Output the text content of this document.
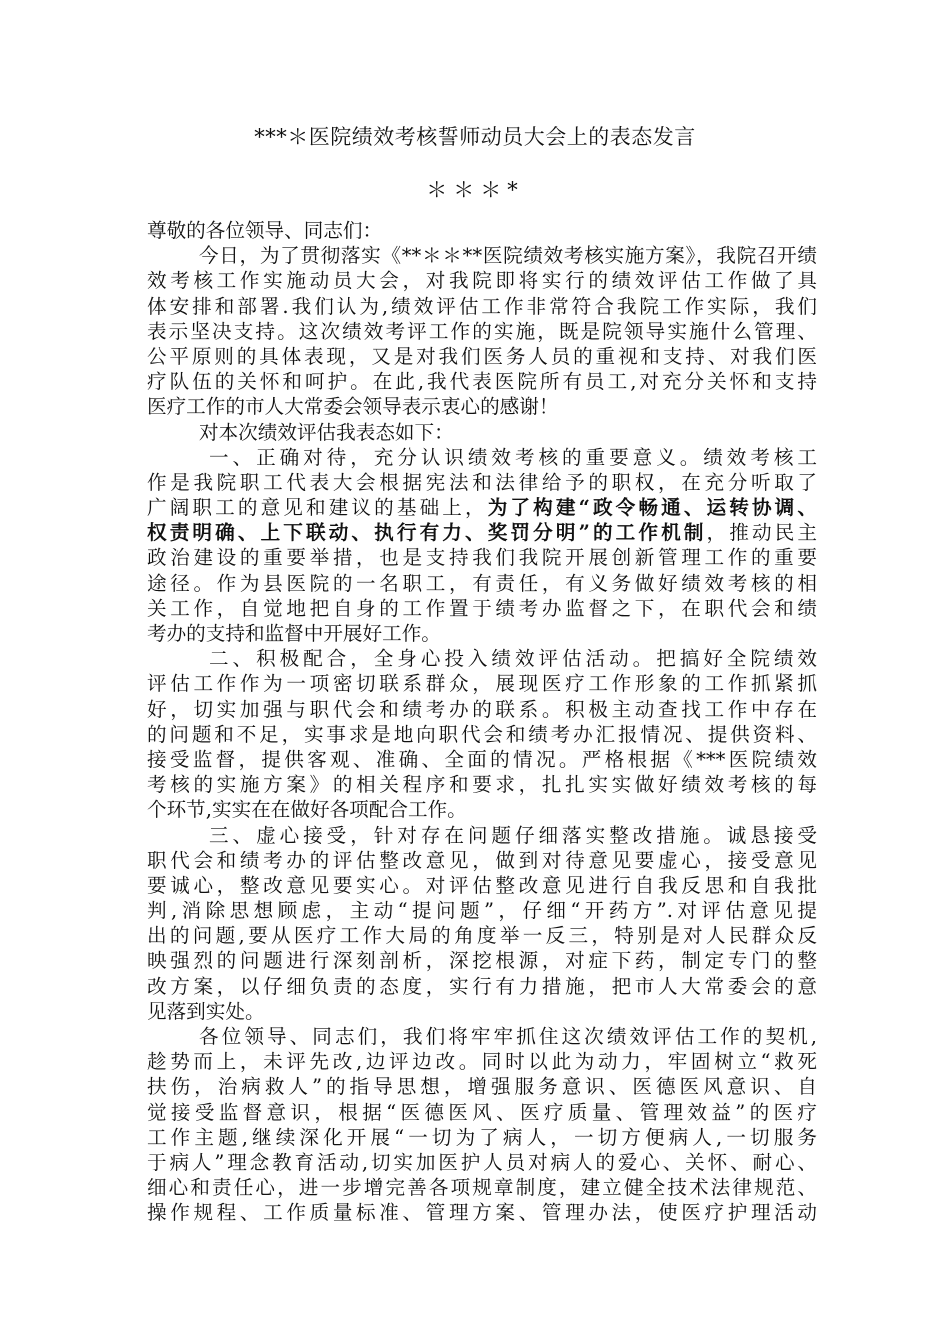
***＊医院绩效考核誓师动员大会上的表态发言
＊＊＊*
尊敬的各位领导、同志们：
今日，为了贯彻落实《**＊＊**医院绩效考核实施方案》，我院召开绩
效考核工作实施动员大会，对我院即将实行的绩效评估工作做了具
体安排和部署.我们认为,绩效评估工作非常符合我院工作实际，我们
表示坚决支持。这次绩效考评工作的实施，既是院领导实施什么管理、
公平原则的具体表现，又是对我们医务人员的重视和支持、对我们医
疗队伍的关怀和呵护。在此,我代表医院所有员工,对充分关怀和支持
医疗工作的市人大常委会领导表示衷心的感谢！
对本次绩效评估我表态如下：
一、正确对待，充分认识绩效考核的重要意义。绩效考核工
作是我院职工代表大会根据宪法和法律给予的职权，在充分听取了
广阔职工的意见和建议的基础上，为了构建“政令畅通、运转协调、
权责明确、上下联动、执行有力、奖罚分明”的工作机制，推动民主
政治建设的重要举措，也是支持我们我院开展创新管理工作的重要
途径。作为县医院的一名职工，有责任，有义务做好绩效考核的相
关工作，自觉地把自身的工作置于绩考办监督之下，在职代会和绩
考办的支持和监督中开展好工作。
二、积极配合，全身心投入绩效评估活动。把搞好全院绩效
评估工作作为一项密切联系群众，展现医疗工作形象的工作抓紧抓
好，切实加强与职代会和绩考办的联系。积极主动查找工作中存在
的问题和不足，实事求是地向职代会和绩考办汇报情况、提供资料、
接受监督，提供客观、准确、全面的情况。严格根据《***医院绩效
考核的实施方案》的相关程序和要求，扎扎实实做好绩效考核的每
个环节,实实在在做好各项配合工作。
三、虚心接受，针对存在问题仔细落实整改措施。诚恳接受
职代会和绩考办的评估整改意见，做到对待意见要虚心，接受意见
要诚心，整改意见要实心。对评估整改意见进行自我反思和自我批
判,消除思想顾虑，主动“提问题”，仔细“开药方”.对评估意见提
出的问题,要从医疗工作大局的角度举一反三，特别是对人民群众反
映强烈的问题进行深刻剖析，深挖根源，对症下药，制定专门的整
改方案，以仔细负责的态度，实行有力措施，把市人大常委会的意
见落到实处。
各位领导、同志们，我们将牢牢抓住这次绩效评估工作的契机,
趁势而上，未评先改,边评边改。同时以此为动力，牢固树立“救死
扶伤，治病救人”的指导思想，增强服务意识、医德医风意识、自
觉接受监督意识，根据“医德医风、医疗质量、管理效益”的医疗
工作主题,继续深化开展“一切为了病人，一切方便病人,一切服务
于病人”理念教育活动,切实加医护人员对病人的爱心、关怀、耐心、
细心和责任心，进一步增完善各项规章制度，建立健全技术法律规范、
操作规程、工作质量标准、管理方案、管理办法，使医疗护理活动
